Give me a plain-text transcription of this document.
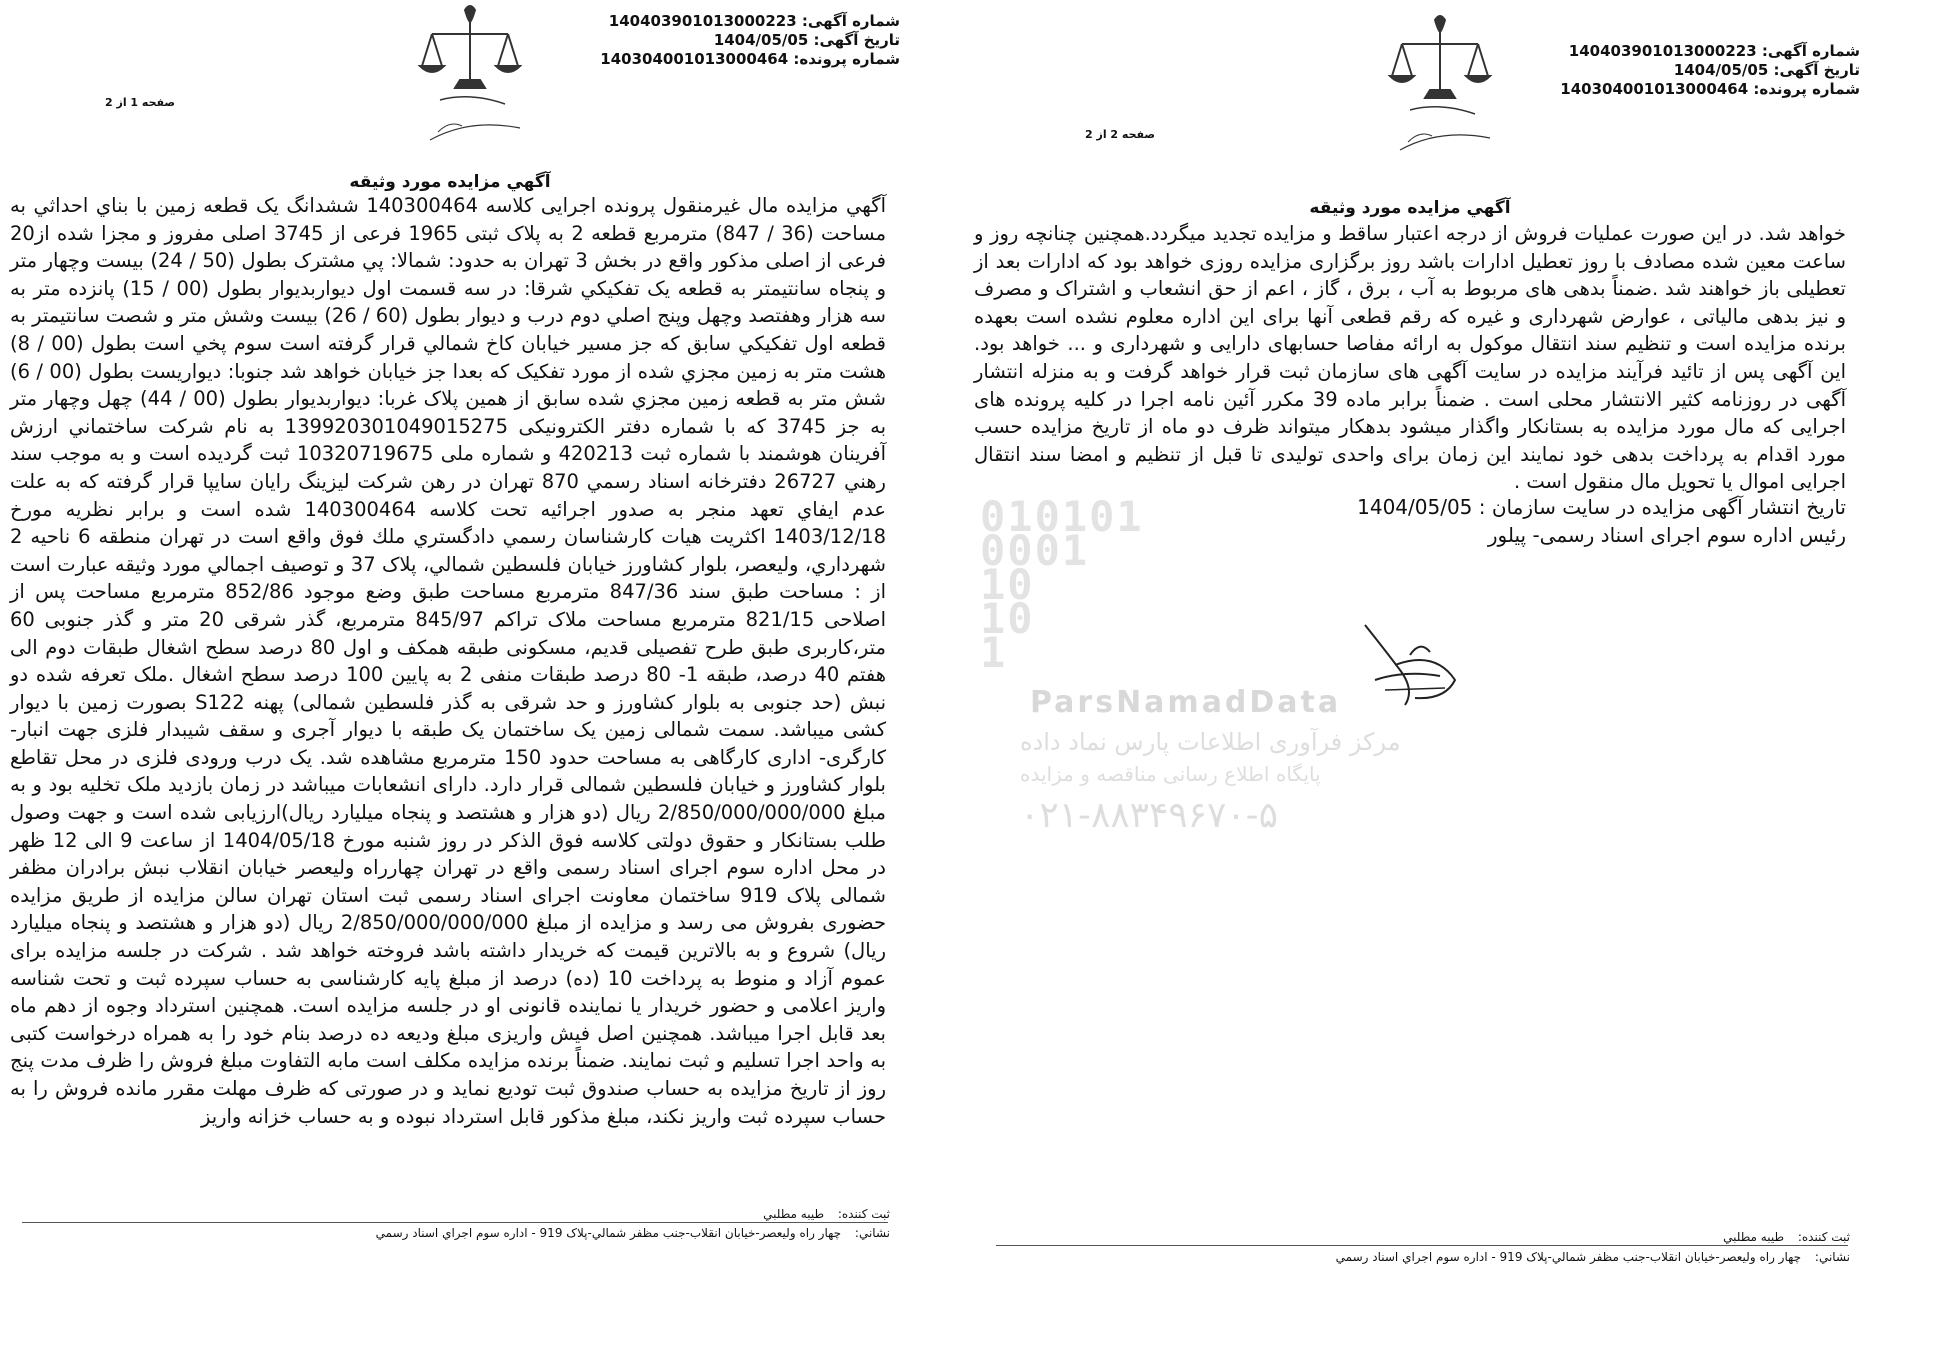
شماره آگهی: 140403901013000223
تاریخ آگهی: 1404/05/05
شماره پرونده: 140304001013000464
صفحه 1 از 2
آگهي مزايده مورد وثيقه
آگهي مزايده مال غيرمنقول پرونده اجرايی كلاسه 140300464 ششدانگ يک قطعه زمين با بناي احداثي به مساحت (36 / 847) مترمربع قطعه 2 به پلاک ثبتی 1965 فرعی از 3745 اصلی مفروز و مجزا شده از20 فرعی از اصلی مذكور واقع در بخش 3 تهران به حدود: شمالا: پي مشترک بطول (50 / 24) بيست وچهار متر و پنجاه سانتيمتر به قطعه يک تفکيکي شرقا: در سه قسمت اول ديواربديوار بطول (00 / 15) پانزده متر به سه هزار وهفتصد وچهل وپنج اصلي دوم درب و ديوار بطول (60 / 26) بيست وشش متر و شصت سانتيمتر به قطعه اول تفکيکي سابق كه جز مسير خيابان كاخ شمالي قرار گرفته است سوم پخي است بطول (00 / 8) هشت متر به زمين مجزي شده از مورد تفكيک كه بعدا جز خيابان خواهد شد جنوبا: ديواريست بطول (00 / 6) شش متر به قطعه زمين مجزي شده سابق از همين پلاک غربا: ديواربديوار بطول (00 / 44) چهل وچهار متر به جز 3745 كه با شماره دفتر الكترونيكی 13992030104901527​5 به نام شركت ساختماني ارزش آفرينان هوشمند با شماره ثبت 420213 و شماره ملی 10320719675 ثبت گرديده است و به موجب سند رهني 26727 دفترخانه اسناد رسمي 870 تهران در رهن شركت ليزينگ رايان سايپا قرار گرفته كه به علت عدم ايفاي تعهد منجر به صدور اجرائيه تحت كلاسه 140300464 شده است و برابر نظريه مورخ 1403/12/18 اكثريت هيات كارشناسان رسمي دادگستري ملك فوق واقع است در تهران منطقه 6 ناحيه 2 شهرداري، وليعصر، بلوار كشاورز خيابان فلسطين شمالي، پلاک 37 و توصيف اجمالي مورد وثيقه عبارت است از : مساحت طبق سند 847/36 مترمربع مساحت طبق وضع موجود 852/86 مترمربع مساحت پس از اصلاحی 821/15 مترمربع مساحت ملاک تراكم 845/97 مترمربع، گذر شرقی 20 متر و گذر جنوبی 60 متر،كاربری طبق طرح تفصيلی قديم، مسكونی طبقه همكف و اول 80 درصد سطح اشغال طبقات دوم الی هفتم 40 درصد، طبقه 1- 80 درصد طبقات منفی 2 به پايين 100 درصد سطح اشغال .ملک تعرفه شده دو نبش (حد جنوبی به بلوار كشاورز و حد شرقی به گذر فلسطين شمالی) پهنه S122 بصورت زمين با ديوار كشی ميباشد. سمت شمالی زمين يک ساختمان يک طبقه با ديوار آجری و سقف شيبدار فلزی جهت انبار-كارگری- اداری كارگاهی به مساحت حدود 150 مترمربع مشاهده شد. يک درب ورودی فلزی در محل تقاطع بلوار كشاورز و خيابان فلسطين شمالی قرار دارد. دارای انشعابات ميباشد در زمان بازديد ملک تخليه بود و به مبلغ 2/850/000/000/000 ريال (دو هزار و هشتصد و پنجاه ميليارد ريال)ارزيابی شده است و جهت وصول طلب بستانكار و حقوق دولتی كلاسه فوق الذكر در روز شنبه مورخ 1404/05/18 از ساعت 9 الی 12 ظهر در محل اداره سوم اجرای اسناد رسمی واقع در تهران چهارراه وليعصر خيابان انقلاب نبش برادران مظفر شمالی پلاک 919 ساختمان معاونت اجرای اسناد رسمی ثبت استان تهران سالن مزايده از طريق مزايده حضوری بفروش می رسد و مزايده از مبلغ 2/850/000/000/000 ريال (دو هزار و هشتصد و پنجاه ميليارد ريال) شروع و به بالاترين قيمت كه خريدار داشته باشد فروخته خواهد شد . شركت در جلسه مزايده برای عموم آزاد و منوط به پرداخت 10 (ده) درصد از مبلغ پايه كارشناسی به حساب سپرده ثبت و تحت شناسه واريز اعلامی و حضور خريدار يا نماينده قانونی او در جلسه مزايده است. همچنين استرداد وجوه از دهم ماه بعد قابل اجرا ميباشد. همچنين اصل فيش واريزی مبلغ وديعه ده درصد بنام خود را به همراه درخواست كتبی به واحد اجرا تسليم و ثبت نمايند. ضمناً برنده مزايده مكلف است مابه التفاوت مبلغ فروش را ظرف مدت پنج روز از تاريخ مزايده به حساب صندوق ثبت توديع نمايد و در صورتی كه ظرف مهلت مقرر مانده فروش را به حساب سپرده ثبت واريز نكند، مبلغ مذكور قابل استرداد نبوده و به حساب خزانه واريز
ثبت كننده: طيبه مطلبي
نشاني: چهار راه وليعصر-خيابان انقلاب-جنب مظفر شمالي-پلاک 919 - اداره سوم اجراي اسناد رسمي
شماره آگهی: 140403901013000223
تاریخ آگهی: 1404/05/05
شماره پرونده: 140304001013000464
صفحه 2 از 2
آگهي مزايده مورد وثيقه
خواهد شد. در اين صورت عمليات فروش از درجه اعتبار ساقط و مزايده تجديد ميگردد.همچنين چنانچه روز و ساعت معين شده مصادف با روز تعطيل ادارات باشد روز برگزاری مزايده روزی خواهد بود كه ادارات بعد از تعطيلی باز خواهند شد .ضمناً بدهی های مربوط به آب ، برق ، گاز ، اعم از حق انشعاب و اشتراک و مصرف و نيز بدهی مالياتی ، عوارض شهرداری و غيره كه رقم قطعی آنها برای اين اداره معلوم نشده است بعهده برنده مزايده است و تنظيم سند انتقال موكول به ارائه مفاصا حسابهای دارايی و شهرداری و ... خواهد بود. اين آگهی پس از تائيد فرآيند مزايده در سايت آگهی های سازمان ثبت قرار خواهد گرفت و به منزله انتشار آگهی در روزنامه كثير الانتشار محلی است . ضمناً برابر ماده 39 مكرر آئين نامه اجرا در كليه پرونده های اجرايی كه مال مورد مزايده به بستانكار واگذار ميشود بدهكار ميتواند ظرف دو ماه از تاريخ مزايده حسب مورد اقدام به پرداخت بدهی خود نمايند اين زمان برای واحدی توليدی تا قبل از تنظيم و امضا سند انتقال اجرايی اموال يا تحويل مال منقول است .
تاريخ انتشار آگهی مزايده در سايت سازمان : 1404/05/05
رئيس اداره سوم اجرای اسناد رسمی- پيلور
ثبت كننده: طيبه مطلبي
نشاني: چهار راه وليعصر-خيابان انقلاب-جنب مظفر شمالي-پلاک 919 - اداره سوم اجراي اسناد رسمي
010101
0001
10
10
1
ParsNamadData
مركز فرآوری اطلاعات پارس نماد داده
پايگاه اطلاع رسانی مناقصه و مزايده
۰۲۱-۸۸۳۴۹۶۷۰-۵
